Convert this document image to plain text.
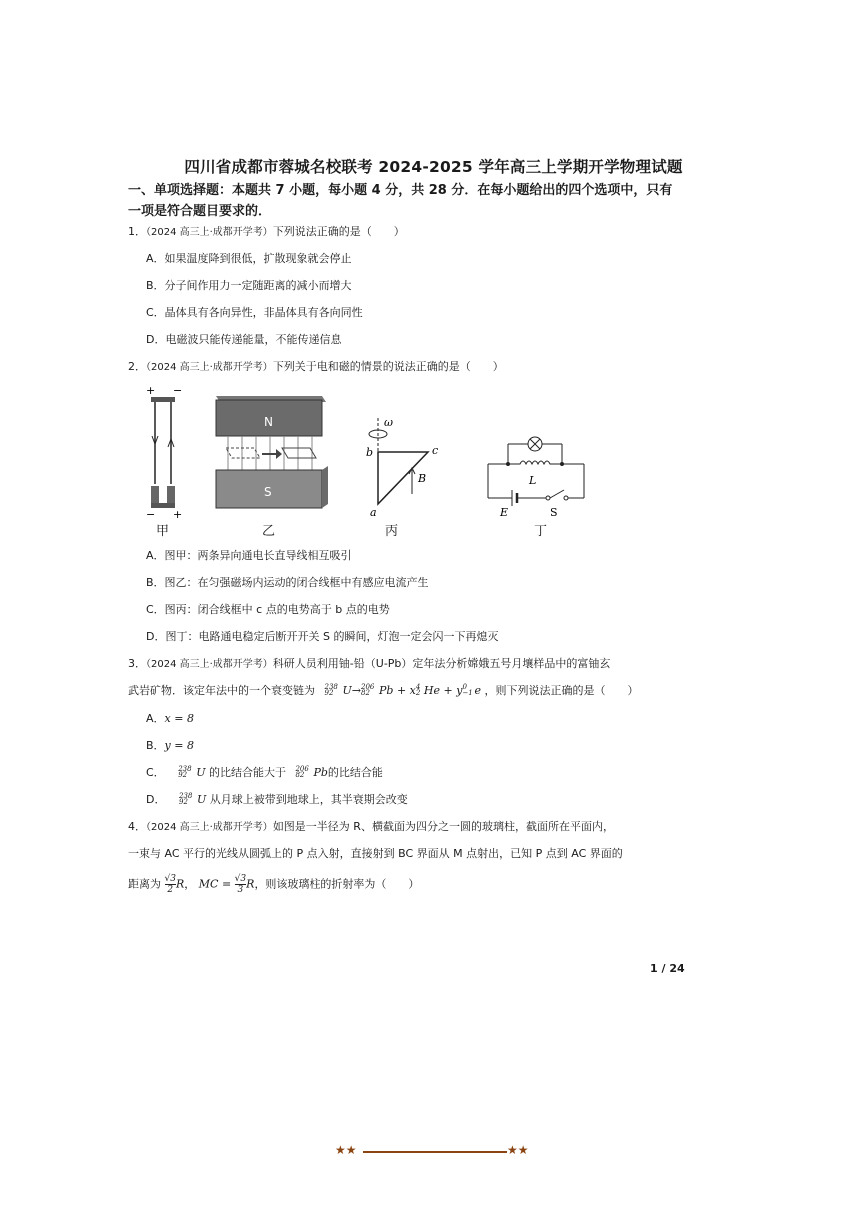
四川省成都市蓉城名校联考 2024-2025 学年高三上学期开学物理试题
一、单项选择题：本题共 7 小题，每小题 4 分，共 28 分．在每小题给出的四个选项中，只有
一项是符合题目要求的．
1．（2024 高三上·成都开学考）下列说法正确的是（　　）
A．如果温度降到很低，扩散现象就会停止
B．分子间作用力一定随距离的减小而增大
C．晶体具有各向异性，非晶体具有各向同性
D．电磁波只能传递能量，不能传递信息
2．（2024 高三上·成都开学考）下列关于电和磁的情景的说法正确的是（　　）
+ −
− +
甲
N
S
乙
ω
b	c
a
B
丙
L
E	S
丁
A．图甲：两条异向通电长直导线相互吸引
B．图乙：在匀强磁场内运动的闭合线框中有感应电流产生
C．图丙：闭合线框中 c 点的电势高于 b 点的电势
D．图丁：电路通电稳定后断开开关 S 的瞬间，灯泡一定会闪一下再熄灭
3．（2024 高三上·成都开学考）科研人员利用铀-铅（U-Pb）定年法分析嫦娥五号月壤样品中的富铀玄
武岩矿物．该定年法中的一个衰变链为 238
92 U→ 206
82 Pb + x 4
2 He + y 0
−1 e ，则下列说法正确的是（　　）
A．x = 8
B．y = 8
C． 238
92 U 的比结合能大于 206
82 Pb的比结合能
D． 238
92 U 从月球上被带到地球上，其半衰期会改变
4．（2024 高三上·成都开学考）如图是一半径为 R、横截面为四分之一圆的玻璃柱，截面所在平面内，
一束与 AC 平行的光线从圆弧上的 P 点入射，直接射到 BC 界面从 M 点射出，已知 P 点到 AC 界面的
距离为 $\frac{√3}{2}$ R， MC = $\frac{√3}{3}$ R，则该玻璃柱的折射率为（　　）
1 / 24
★★	★★
